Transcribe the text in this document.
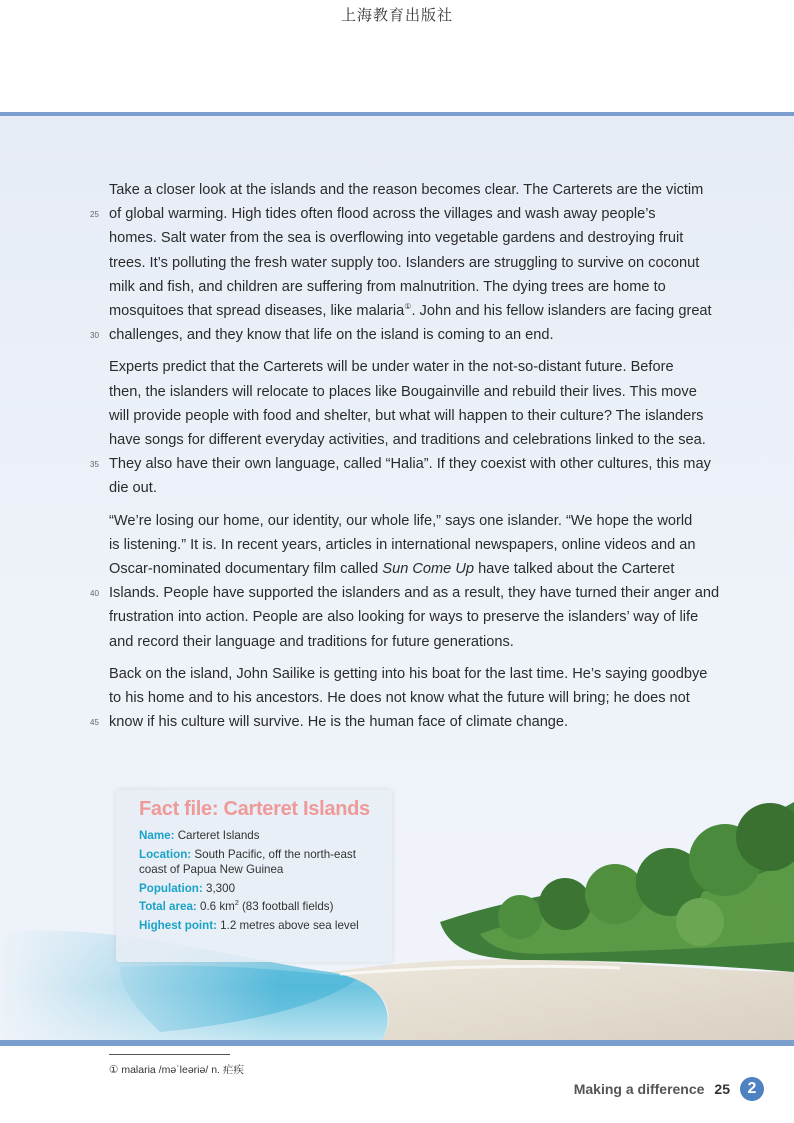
上海教育出版社
Take a closer look at the islands and the reason becomes clear. The Carterets are the victim
25 of global warming. High tides often flood across the villages and wash away people’s
homes. Salt water from the sea is overflowing into vegetable gardens and destroying fruit
trees. It’s polluting the fresh water supply too. Islanders are struggling to survive on coconut
milk and fish, and children are suffering from malnutrition. The dying trees are home to
mosquitoes that spread diseases, like malaria①. John and his fellow islanders are facing great
30 challenges, and they know that life on the island is coming to an end.
Experts predict that the Carterets will be under water in the not-so-distant future. Before
then, the islanders will relocate to places like Bougainville and rebuild their lives. This move
will provide people with food and shelter, but what will happen to their culture? The islanders
have songs for different everyday activities, and traditions and celebrations linked to the sea.
35 They also have their own language, called “Halia”. If they coexist with other cultures, this may
die out.
“We’re losing our home, our identity, our whole life,” says one islander. “We hope the world
is listening.” It is. In recent years, articles in international newspapers, online videos and an
Oscar-nominated documentary film called Sun Come Up have talked about the Carteret
40 Islands. People have supported the islanders and as a result, they have turned their anger and
frustration into action. People are also looking for ways to preserve the islanders’ way of life
and record their language and traditions for future generations.
Back on the island, John Sailike is getting into his boat for the last time. He’s saying goodbye
to his home and to his ancestors. He does not know what the future will bring; he does not
45 know if his culture will survive. He is the human face of climate change.
Fact file: Carteret Islands
Name: Carteret Islands
Location: South Pacific, off the north-east coast of Papua New Guinea
Population: 3,300
Total area: 0.6 $km^2$ (83 football fields)
Highest point: 1.2 metres above sea level
① malaria /məˈleəriə/ n. 疟疾
Making a difference 25	2
